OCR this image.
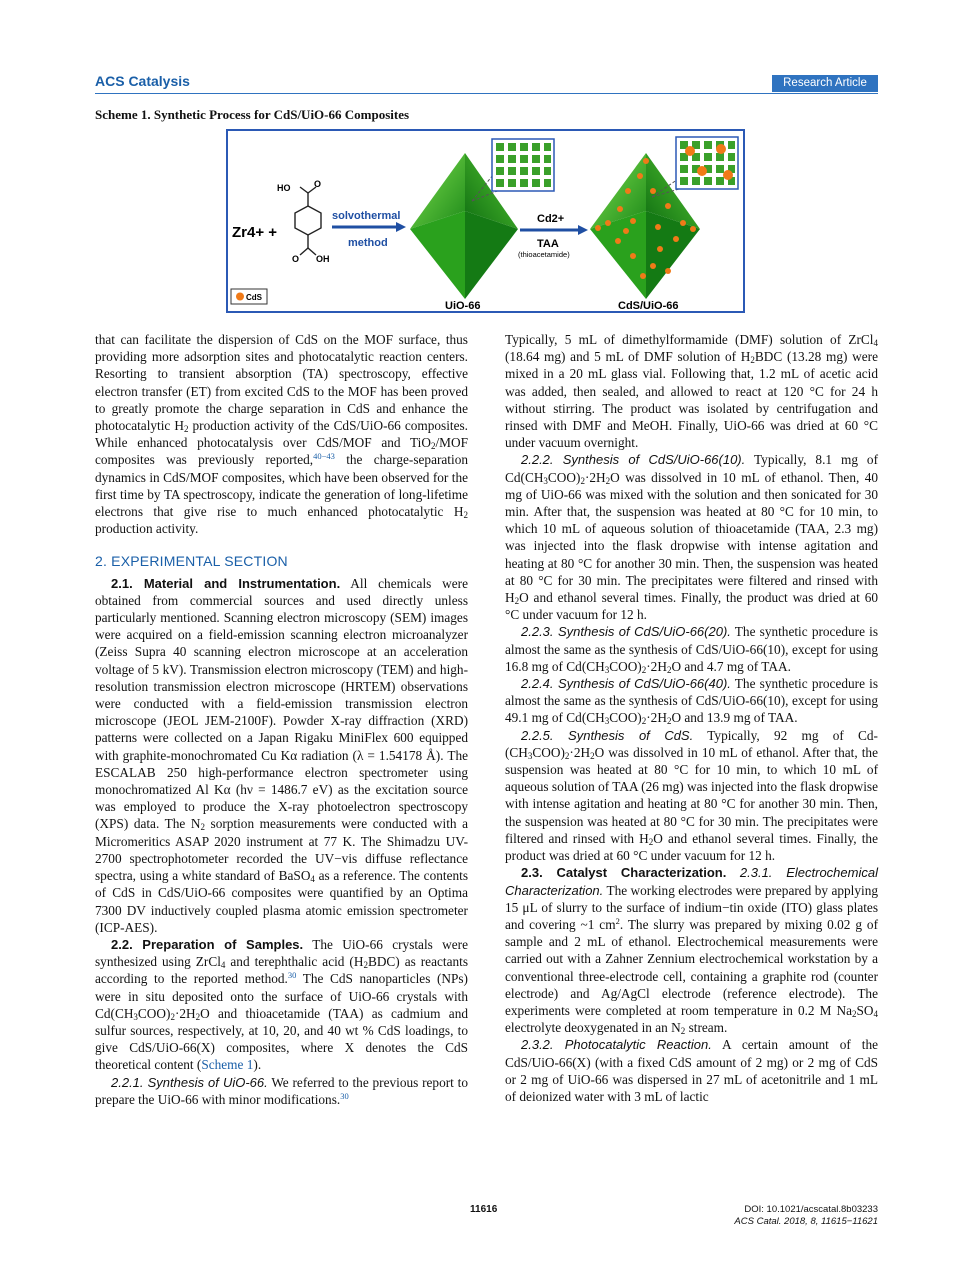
ACS Catalysis	Research Article
Scheme 1. Synthetic Process for CdS/UiO-66 Composites
Zr4+ +
HO	O
O OH
solvothermal
method
Cd2+
TAA
(thioacetamide)
CdS
UiO-66	CdS/UiO-66

that can facilitate the dispersion of CdS on the MOF surface, thus providing more adsorption sites and photocatalytic reaction centers. Resorting to transient absorption (TA) spectroscopy, effective electron transfer (ET) from excited CdS to the MOF has been proved to greatly promote the charge separation in CdS and enhance the photocatalytic $H_2$ production activity of the CdS/UiO-66 composites. While enhanced photocatalysis over CdS/MOF and TiO$_2$/MOF composites was previously reported,$^{40-43}$ the charge-separation dynamics in CdS/MOF composites, which have been observed for the first time by TA spectroscopy, indicate the generation of long-lifetime electrons that give rise to much enhanced photocatalytic $H_2$ production activity.

2. EXPERIMENTAL SECTION

2.1. Material and Instrumentation. All chemicals were obtained from commercial sources and used directly unless particularly mentioned. Scanning electron microscopy (SEM) images were acquired on a field-emission scanning electron microanalyzer (Zeiss Supra 40 scanning electron microscope at an acceleration voltage of 5 kV). Transmission electron microscopy (TEM) and high-resolution transmission electron microscope (HRTEM) observations were conducted with a field-emission transmission electron microscope (JEOL JEM-2100F). Powder X-ray diffraction (XRD) patterns were collected on a Japan Rigaku MiniFlex 600 equipped with graphite-monochromated Cu Kα radiation (λ = 1.54178 Å). The ESCALAB 250 high-performance electron spectrometer using monochromatized Al Kα (hν = 1486.7 eV) as the excitation source was employed to produce the X-ray photoelectron spectroscopy (XPS) data. The $N_2$ sorption measurements were conducted with a Micromeritics ASAP 2020 instrument at 77 K. The Shimadzu UV-2700 spectrophotometer recorded the UV−vis diffuse reflectance spectra, using a white standard of BaSO$_4$ as a reference. The contents of CdS in CdS/UiO-66 composites were quantified by an Optima 7300 DV inductively coupled plasma atomic emission spectrometer (ICP-AES).

2.2. Preparation of Samples. The UiO-66 crystals were synthesized using ZrCl$_4$ and terephthalic acid $(H_2BDC)$ as reactants according to the reported method.$^{30}$ The CdS nanoparticles (NPs) were in situ deposited onto the surface of UiO-66 crystals with $Cd(CH_3COO)_2\cdot 2H_2O$ and thioacetamide (TAA) as cadmium and sulfur sources, respectively, at 10, 20, and 40 wt % CdS loadings, to give CdS/UiO-66(X) composites, where X denotes the CdS theoretical content (Scheme 1).

2.2.1. Synthesis of UiO-66. We referred to the previous report to prepare the UiO-66 with minor modifications.$^{30}$

Typically, 5 mL of dimethylformamide (DMF) solution of ZrCl$_4$ (18.64 mg) and 5 mL of DMF solution of $H_2BDC$ (13.28 mg) were mixed in a 20 mL glass vial. Following that, 1.2 mL of acetic acid was added, then sealed, and allowed to react at 120 °C for 24 h without stirring. The product was isolated by centrifugation and rinsed with DMF and MeOH. Finally, UiO-66 was dried at 60 °C under vacuum overnight.

2.2.2. Synthesis of CdS/UiO-66(10). Typically, 8.1 mg of $Cd(CH_3COO)_2\cdot 2H_2O$ was dissolved in 10 mL of ethanol. Then, 40 mg of UiO-66 was mixed with the solution and then sonicated for 30 min. After that, the suspension was heated at 80 °C for 10 min, to which 10 mL of aqueous solution of thioacetamide (TAA, 2.3 mg) was injected into the flask dropwise with intense agitation and heating at 80 °C for another 30 min. Then, the suspension was heated at 80 °C for 30 min. The precipitates were filtered and rinsed with $H_2O$ and ethanol several times. Finally, the product was dried at 60 °C under vacuum for 12 h.

2.2.3. Synthesis of CdS/UiO-66(20). The synthetic procedure is almost the same as the synthesis of CdS/UiO-66(10), except for using 16.8 mg of $Cd(CH_3COO)_2\cdot 2H_2O$ and 4.7 mg of TAA.

2.2.4. Synthesis of CdS/UiO-66(40). The synthetic procedure is almost the same as the synthesis of CdS/UiO-66(10), except for using 49.1 mg of $Cd(CH_3COO)_2\cdot 2H_2O$ and 13.9 mg of TAA.

2.2.5. Synthesis of CdS. Typically, 92 mg of $Cd-(CH_3COO)_2\cdot 2H_2O$ was dissolved in 10 mL of ethanol. After that, the suspension was heated at 80 °C for 10 min, to which 10 mL of aqueous solution of TAA (26 mg) was injected into the flask dropwise with intense agitation and heating at 80 °C for another 30 min. Then, the suspension was heated at 80 °C for 30 min. The precipitates were filtered and rinsed with $H_2O$ and ethanol several times. Finally, the product was dried at 60 °C under vacuum for 12 h.

2.3. Catalyst Characterization. 2.3.1. Electrochemical Characterization. The working electrodes were prepared by applying 15 μL of slurry to the surface of indium−tin oxide (ITO) glass plates and covering ~1 $cm^2$. The slurry was prepared by mixing 0.02 g of sample and 2 mL of ethanol. Electrochemical measurements were carried out with a Zahner Zennium electrochemical workstation by a conventional three-electrode cell, containing a graphite rod (counter electrode) and Ag/AgCl electrode (reference electrode). The experiments were completed at room temperature in 0.2 M $Na_2SO_4$ electrolyte deoxygenated in an $N_2$ stream.

2.3.2. Photocatalytic Reaction. A certain amount of the CdS/UiO-66(X) (with a fixed CdS amount of 2 mg) or 2 mg of CdS or 2 mg of UiO-66 was dispersed in 27 mL of acetonitrile and 1 mL of deionized water with 3 mL of lactic

11616	DOI: 10.1021/acscatal.8b03233
ACS Catal. 2018, 8, 11615−11621
